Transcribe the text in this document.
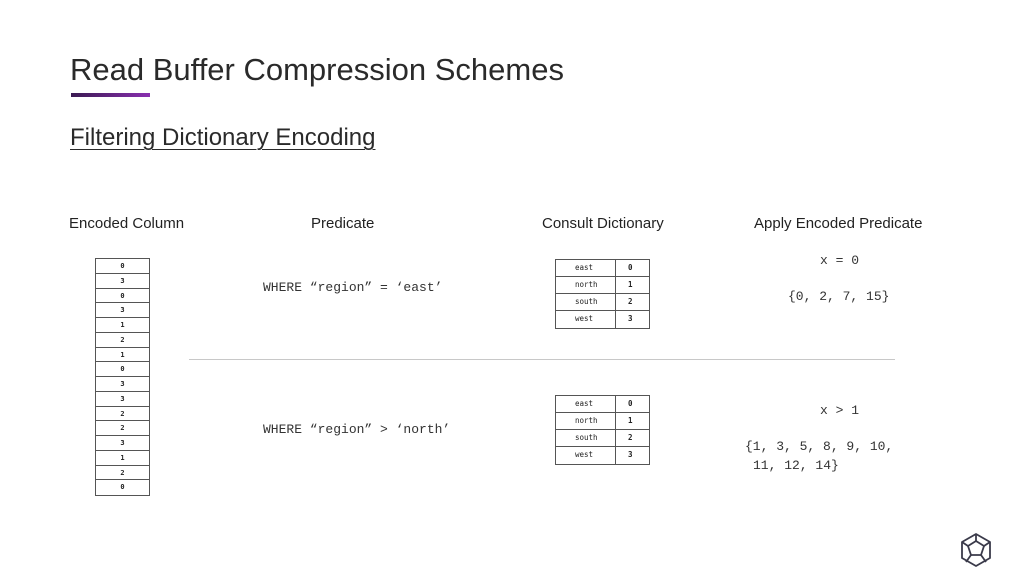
Read Buffer Compression Schemes
Filtering Dictionary Encoding
Encoded Column	Predicate	Consult Dictionary	Apply Encoded Predicate
0
3
0
3
1
2
1
0
3
3
2
2
3
1
2
0
WHERE “region” = ‘east’
WHERE “region” > ‘north’
east	0
north	1
south	2
west	3
east	0
north	1
south	2
west	3
x = 0
{0, 2, 7, 15}
x > 1
{1, 3, 5, 8, 9, 10,
11, 12, 14}
